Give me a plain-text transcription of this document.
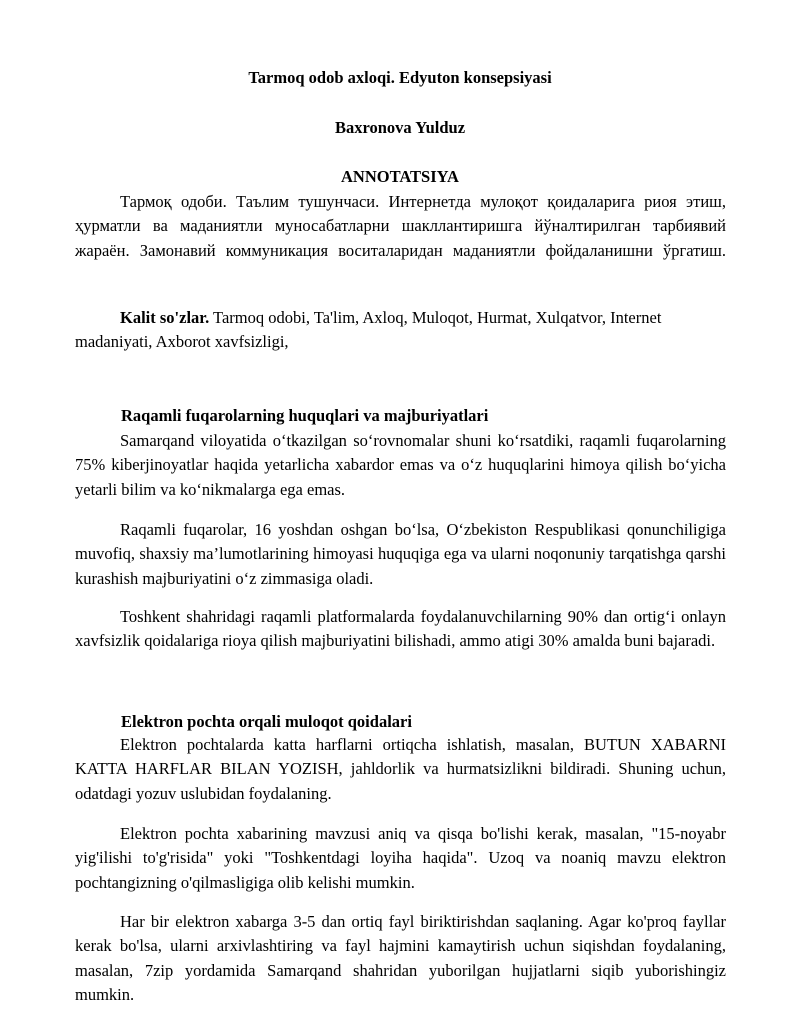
Tarmoq odob axloqi. Edyuton konsepsiyasi
Baxronova Yulduz
ANNOTATSIYA

Тармоқ одоби. Таълим тушунчаси. Интернетда мулоқот қоидаларига риоя этиш, ҳурматли ва маданиятли муносабатларни шакллантиришга йўналтирилган тарбиявий жараён. Замонавий коммуникация воситаларидан маданиятли фойдаланишни ўргатиш.

Kalit so'zlar. Tarmoq odobi, Ta'lim, Axloq, Muloqot, Hurmat, Xulqatvor, Internet madaniyati, Axborot xavfsizligi,

Raqamli fuqarolarning huquqlari va majburiyatlari

Samarqand viloyatida o‘tkazilgan so‘rovnomalar shuni ko‘rsatdiki, raqamli fuqarolarning 75% kiberjinoyatlar haqida yetarlicha xabardor emas va o‘z huquqlarini himoya qilish bo‘yicha yetarli bilim va ko‘nikmalarga ega emas.

Raqamli fuqarolar, 16 yoshdan oshgan bo‘lsa, O‘zbekiston Respublikasi qonunchiligiga muvofiq, shaxsiy ma’lumotlarining himoyasi huquqiga ega va ularni noqonuniy tarqatishga qarshi kurashish majburiyatini o‘z zimmasiga oladi.

Toshkent shahridagi raqamli platformalarda foydalanuvchilarning 90% dan ortig‘i onlayn xavfsizlik qoidalariga rioya qilish majburiyatini bilishadi, ammo atigi 30% amalda buni bajaradi.

Elektron pochta orqali muloqot qoidalari

Elektron pochtalarda katta harflarni ortiqcha ishlatish, masalan, BUTUN XABARNI KATTA HARFLAR BILAN YOZISH, jahldorlik va hurmatsizlikni bildiradi. Shuning uchun, odatdagi yozuv uslubidan foydalaning.

Elektron pochta xabarining mavzusi aniq va qisqa bo'lishi kerak, masalan, "15-noyabr yig'ilishi to'g'risida" yoki "Toshkentdagi loyiha haqida". Uzoq va noaniq mavzu elektron pochtangizning o'qilmasligiga olib kelishi mumkin.

Har bir elektron xabarga 3-5 dan ortiq fayl biriktirishdan saqlaning. Agar ko'proq fayllar kerak bo'lsa, ularni arxivlashtiring va fayl hajmini kamaytirish uchun siqishdan foydalaning, masalan, 7zip yordamida Samarqand shahridan yuborilgan hujjatlarni siqib yuborishingiz mumkin.
